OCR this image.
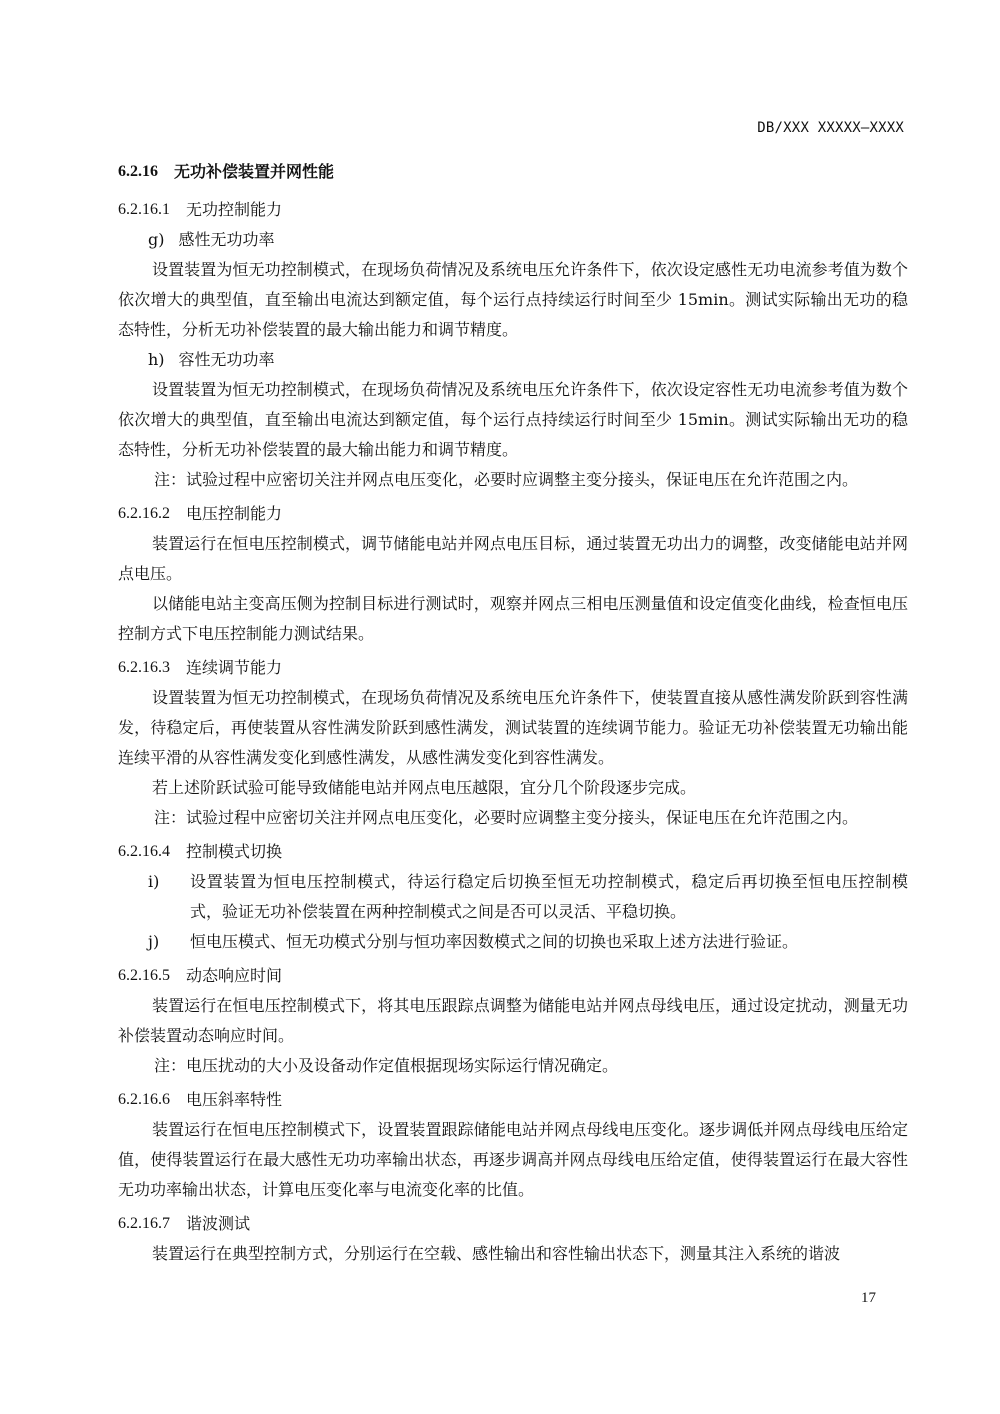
DB/XXX XXXXX—XXXX
6.2.16 无功补偿装置并网性能
6.2.16.1 无功控制能力
g) 感性无功功率

设置装置为恒无功控制模式，在现场负荷情况及系统电压允许条件下，依次设定感性无功电流参考值为数个依次增大的典型值，直至输出电流达到额定值，每个运行点持续运行时间至少 15min。测试实际输出无功的稳态特性，分析无功补偿装置的最大输出能力和调节精度。

h) 容性无功功率

设置装置为恒无功控制模式，在现场负荷情况及系统电压允许条件下，依次设定容性无功电流参考值为数个依次增大的典型值，直至输出电流达到额定值，每个运行点持续运行时间至少 15min。测试实际输出无功的稳态特性，分析无功补偿装置的最大输出能力和调节精度。

注：试验过程中应密切关注并网点电压变化，必要时应调整主变分接头，保证电压在允许范围之内。

6.2.16.2 电压控制能力

装置运行在恒电压控制模式，调节储能电站并网点电压目标，通过装置无功出力的调整，改变储能电站并网点电压。

以储能电站主变高压侧为控制目标进行测试时，观察并网点三相电压测量值和设定值变化曲线，检查恒电压控制方式下电压控制能力测试结果。

6.2.16.3 连续调节能力

设置装置为恒无功控制模式，在现场负荷情况及系统电压允许条件下，使装置直接从感性满发阶跃到容性满发，待稳定后，再使装置从容性满发阶跃到感性满发，测试装置的连续调节能力。验证无功补偿装置无功输出能连续平滑的从容性满发变化到感性满发，从感性满发变化到容性满发。

若上述阶跃试验可能导致储能电站并网点电压越限，宜分几个阶段逐步完成。

注：试验过程中应密切关注并网点电压变化，必要时应调整主变分接头，保证电压在允许范围之内。

6.2.16.4 控制模式切换
i)	设置装置为恒电压控制模式，待运行稳定后切换至恒无功控制模式，稳定后再切换至恒电压控制模式，验证无功补偿装置在两种控制模式之间是否可以灵活、平稳切换。
j)	恒电压模式、恒无功模式分别与恒功率因数模式之间的切换也采取上述方法进行验证。
6.2.16.5 动态响应时间

装置运行在恒电压控制模式下，将其电压跟踪点调整为储能电站并网点母线电压，通过设定扰动，测量无功补偿装置动态响应时间。

注：电压扰动的大小及设备动作定值根据现场实际运行情况确定。

6.2.16.6 电压斜率特性

装置运行在恒电压控制模式下，设置装置跟踪储能电站并网点母线电压变化。逐步调低并网点母线电压给定值，使得装置运行在最大感性无功功率输出状态，再逐步调高并网点母线电压给定值，使得装置运行在最大容性无功功率输出状态，计算电压变化率与电流变化率的比值。

6.2.16.7 谐波测试

装置运行在典型控制方式，分别运行在空载、感性输出和容性输出状态下，测量其注入系统的谐波

17
